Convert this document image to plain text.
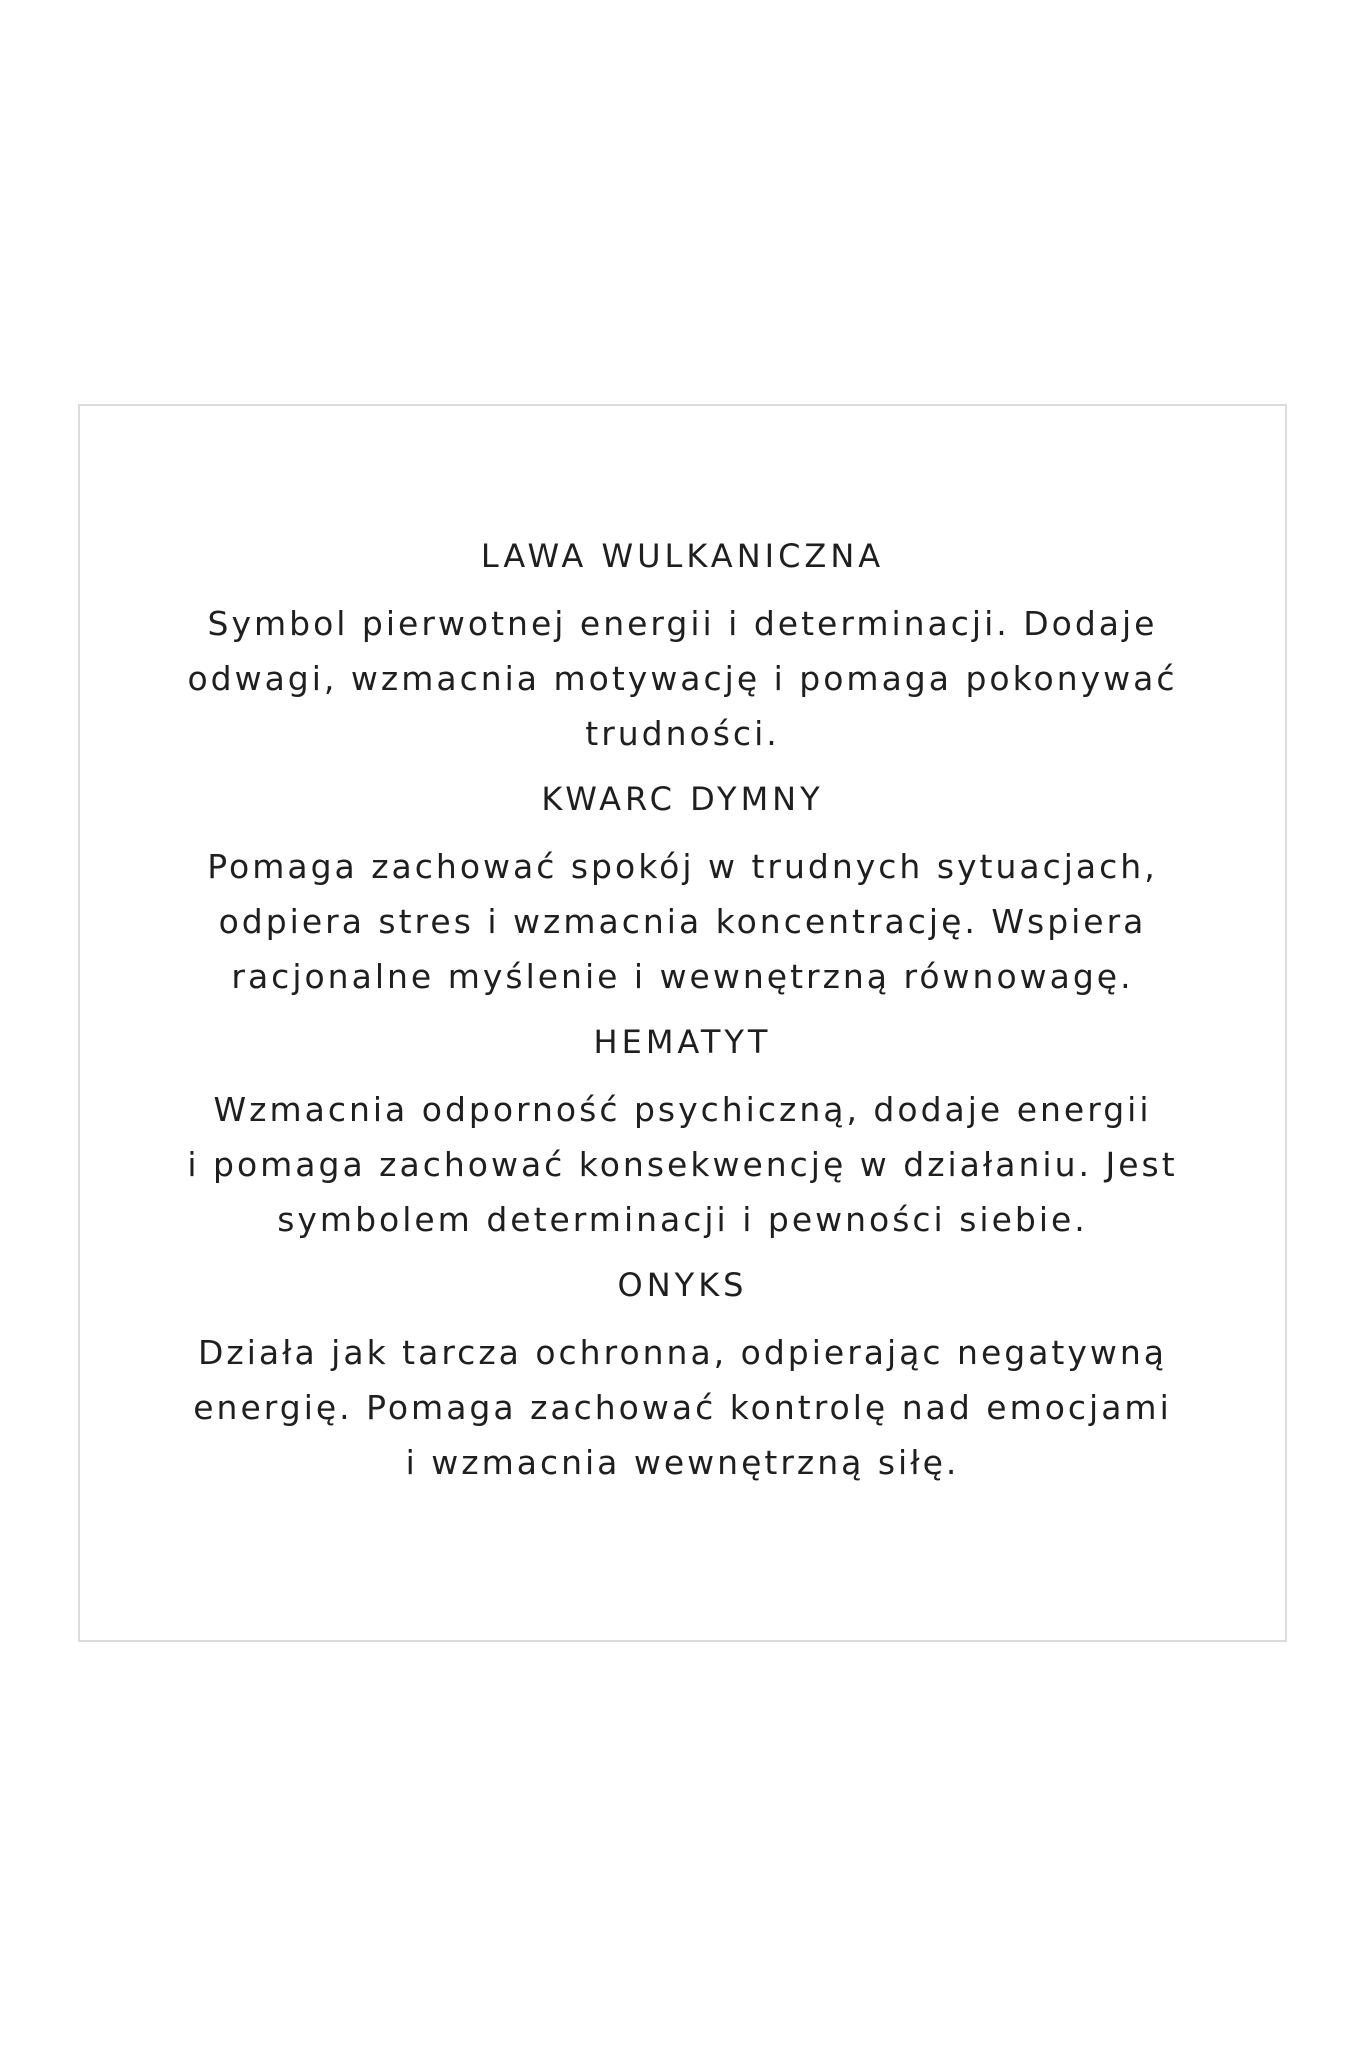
LAWA WULKANICZNA

Symbol pierwotnej energii i determinacji. Dodaje
odwagi, wzmacnia motywację i pomaga pokonywać
trudności.

KWARC DYMNY

Pomaga zachować spokój w trudnych sytuacjach,
odpiera stres i wzmacnia koncentrację. Wspiera
racjonalne myślenie i wewnętrzną równowagę.

HEMATYT

Wzmacnia odporność psychiczną, dodaje energii
i pomaga zachować konsekwencję w działaniu. Jest
symbolem determinacji i pewności siebie.

ONYKS

Działa jak tarcza ochronna, odpierając negatywną
energię. Pomaga zachować kontrolę nad emocjami
i wzmacnia wewnętrzną siłę.
